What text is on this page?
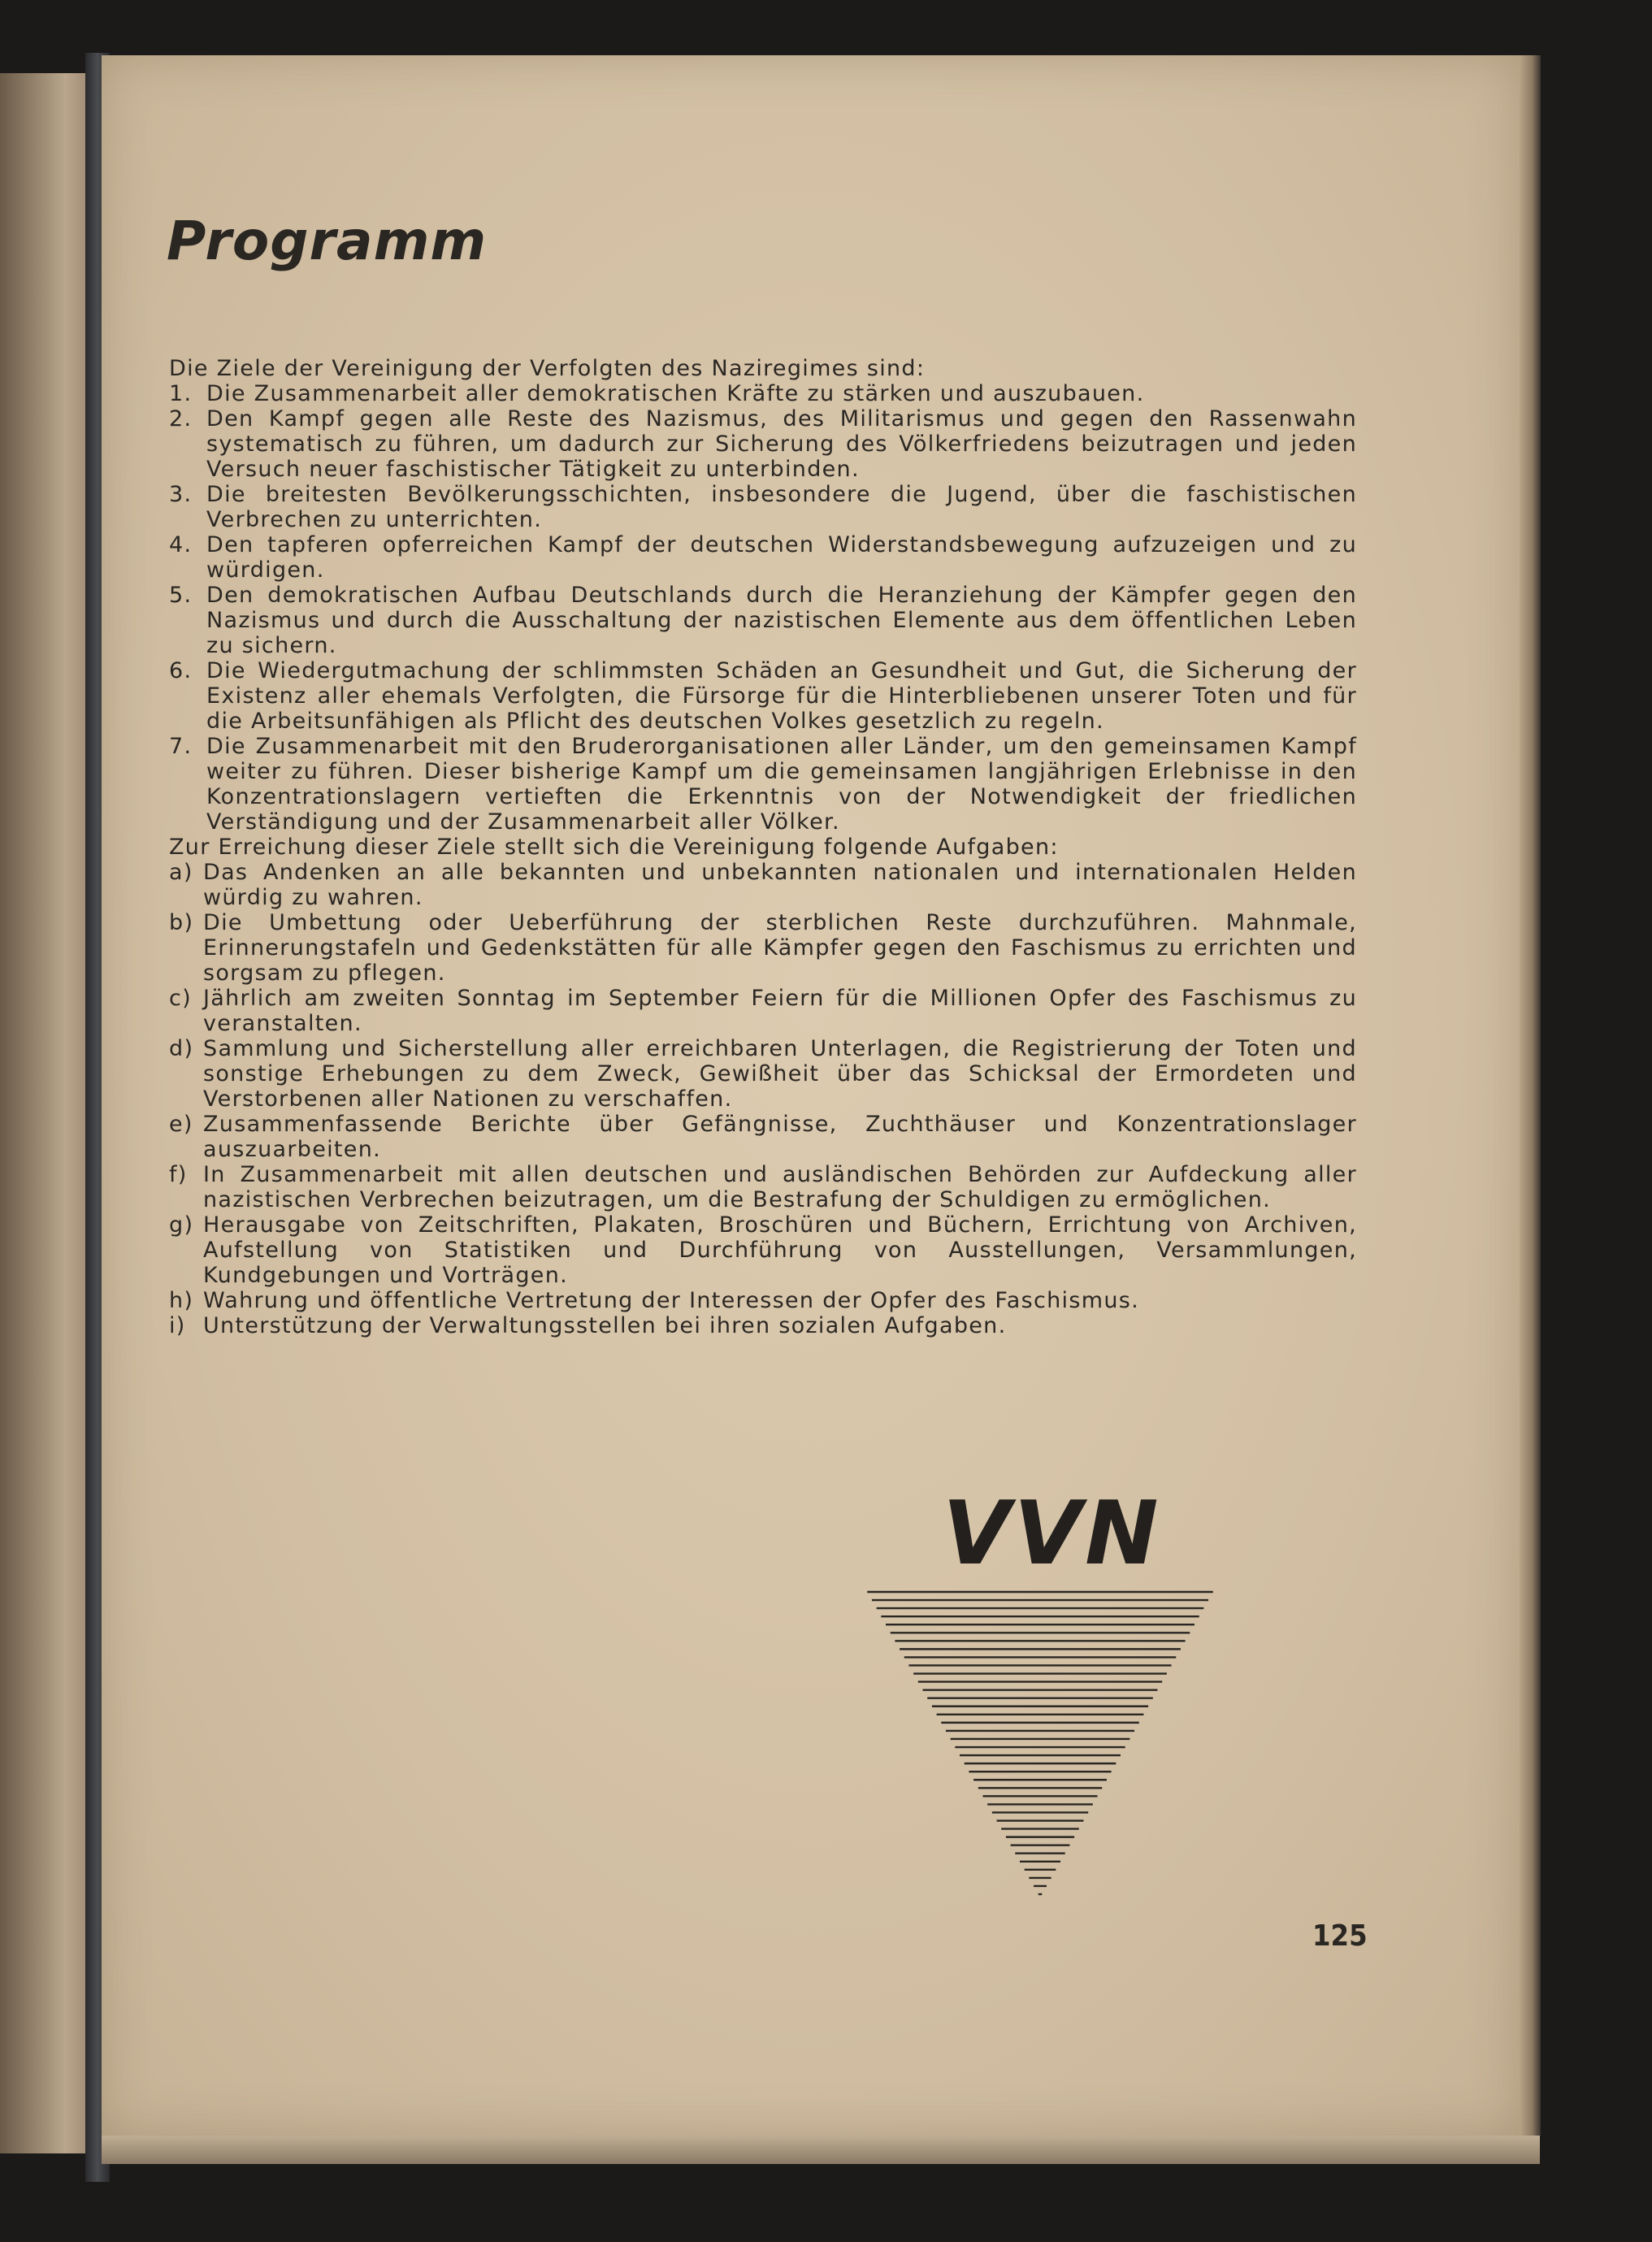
Programm

Die Ziele der Vereinigung der Verfolgten des Naziregimes sind:

1. Die Zusammenarbeit aller demokratischen Kräfte zu stärken und auszubauen.
2. Den Kampf gegen alle Reste des Nazismus, des Militarismus und gegen den Rassenwahn systematisch zu führen, um dadurch zur Sicherung des Völkerfriedens beizutragen und jeden Versuch neuer faschistischer Tätigkeit zu unterbinden.
3. Die breitesten Bevölkerungsschichten, insbesondere die Jugend, über die faschistischen Verbrechen zu unterrichten.
4. Den tapferen opferreichen Kampf der deutschen Widerstandsbewegung aufzuzeigen und zu würdigen.
5. Den demokratischen Aufbau Deutschlands durch die Heranziehung der Kämpfer gegen den Nazismus und durch die Ausschaltung der nazistischen Elemente aus dem öffentlichen Leben zu sichern.
6. Die Wiedergutmachung der schlimmsten Schäden an Gesundheit und Gut, die Sicherung der Existenz aller ehemals Verfolgten, die Fürsorge für die Hinterbliebenen unserer Toten und für die Arbeitsunfähigen als Pflicht des deutschen Volkes gesetzlich zu regeln.
7. Die Zusammenarbeit mit den Bruderorganisationen aller Länder, um den gemeinsamen Kampf weiter zu führen. Dieser bisherige Kampf um die gemeinsamen langjährigen Erlebnisse in den Konzentrationslagern vertieften die Erkenntnis von der Notwendigkeit der friedlichen Verständigung und der Zusammenarbeit aller Völker.

Zur Erreichung dieser Ziele stellt sich die Vereinigung folgende Aufgaben:

a) Das Andenken an alle bekannten und unbekannten nationalen und internationalen Helden würdig zu wahren.
b) Die Umbettung oder Ueberführung der sterblichen Reste durchzuführen. Mahnmale, Erinnerungstafeln und Gedenkstätten für alle Kämpfer gegen den Faschismus zu errichten und sorgsam zu pflegen.
c) Jährlich am zweiten Sonntag im September Feiern für die Millionen Opfer des Faschismus zu veranstalten.
d) Sammlung und Sicherstellung aller erreichbaren Unterlagen, die Registrierung der Toten und sonstige Erhebungen zu dem Zweck, Gewißheit über das Schicksal der Ermordeten und Verstorbenen aller Nationen zu verschaffen.
e) Zusammenfassende Berichte über Gefängnisse, Zuchthäuser und Konzentrationslager auszuarbeiten.
f) In Zusammenarbeit mit allen deutschen und ausländischen Behörden zur Aufdeckung aller nazistischen Verbrechen beizutragen, um die Bestrafung der Schuldigen zu ermöglichen.
g) Herausgabe von Zeitschriften, Plakaten, Broschüren und Büchern, Errichtung von Archiven, Aufstellung von Statistiken und Durchführung von Ausstellungen, Versammlungen, Kundgebungen und Vorträgen.
h) Wahrung und öffentliche Vertretung der Interessen der Opfer des Faschismus.
i) Unterstützung der Verwaltungsstellen bei ihren sozialen Aufgaben.
VVN
125
